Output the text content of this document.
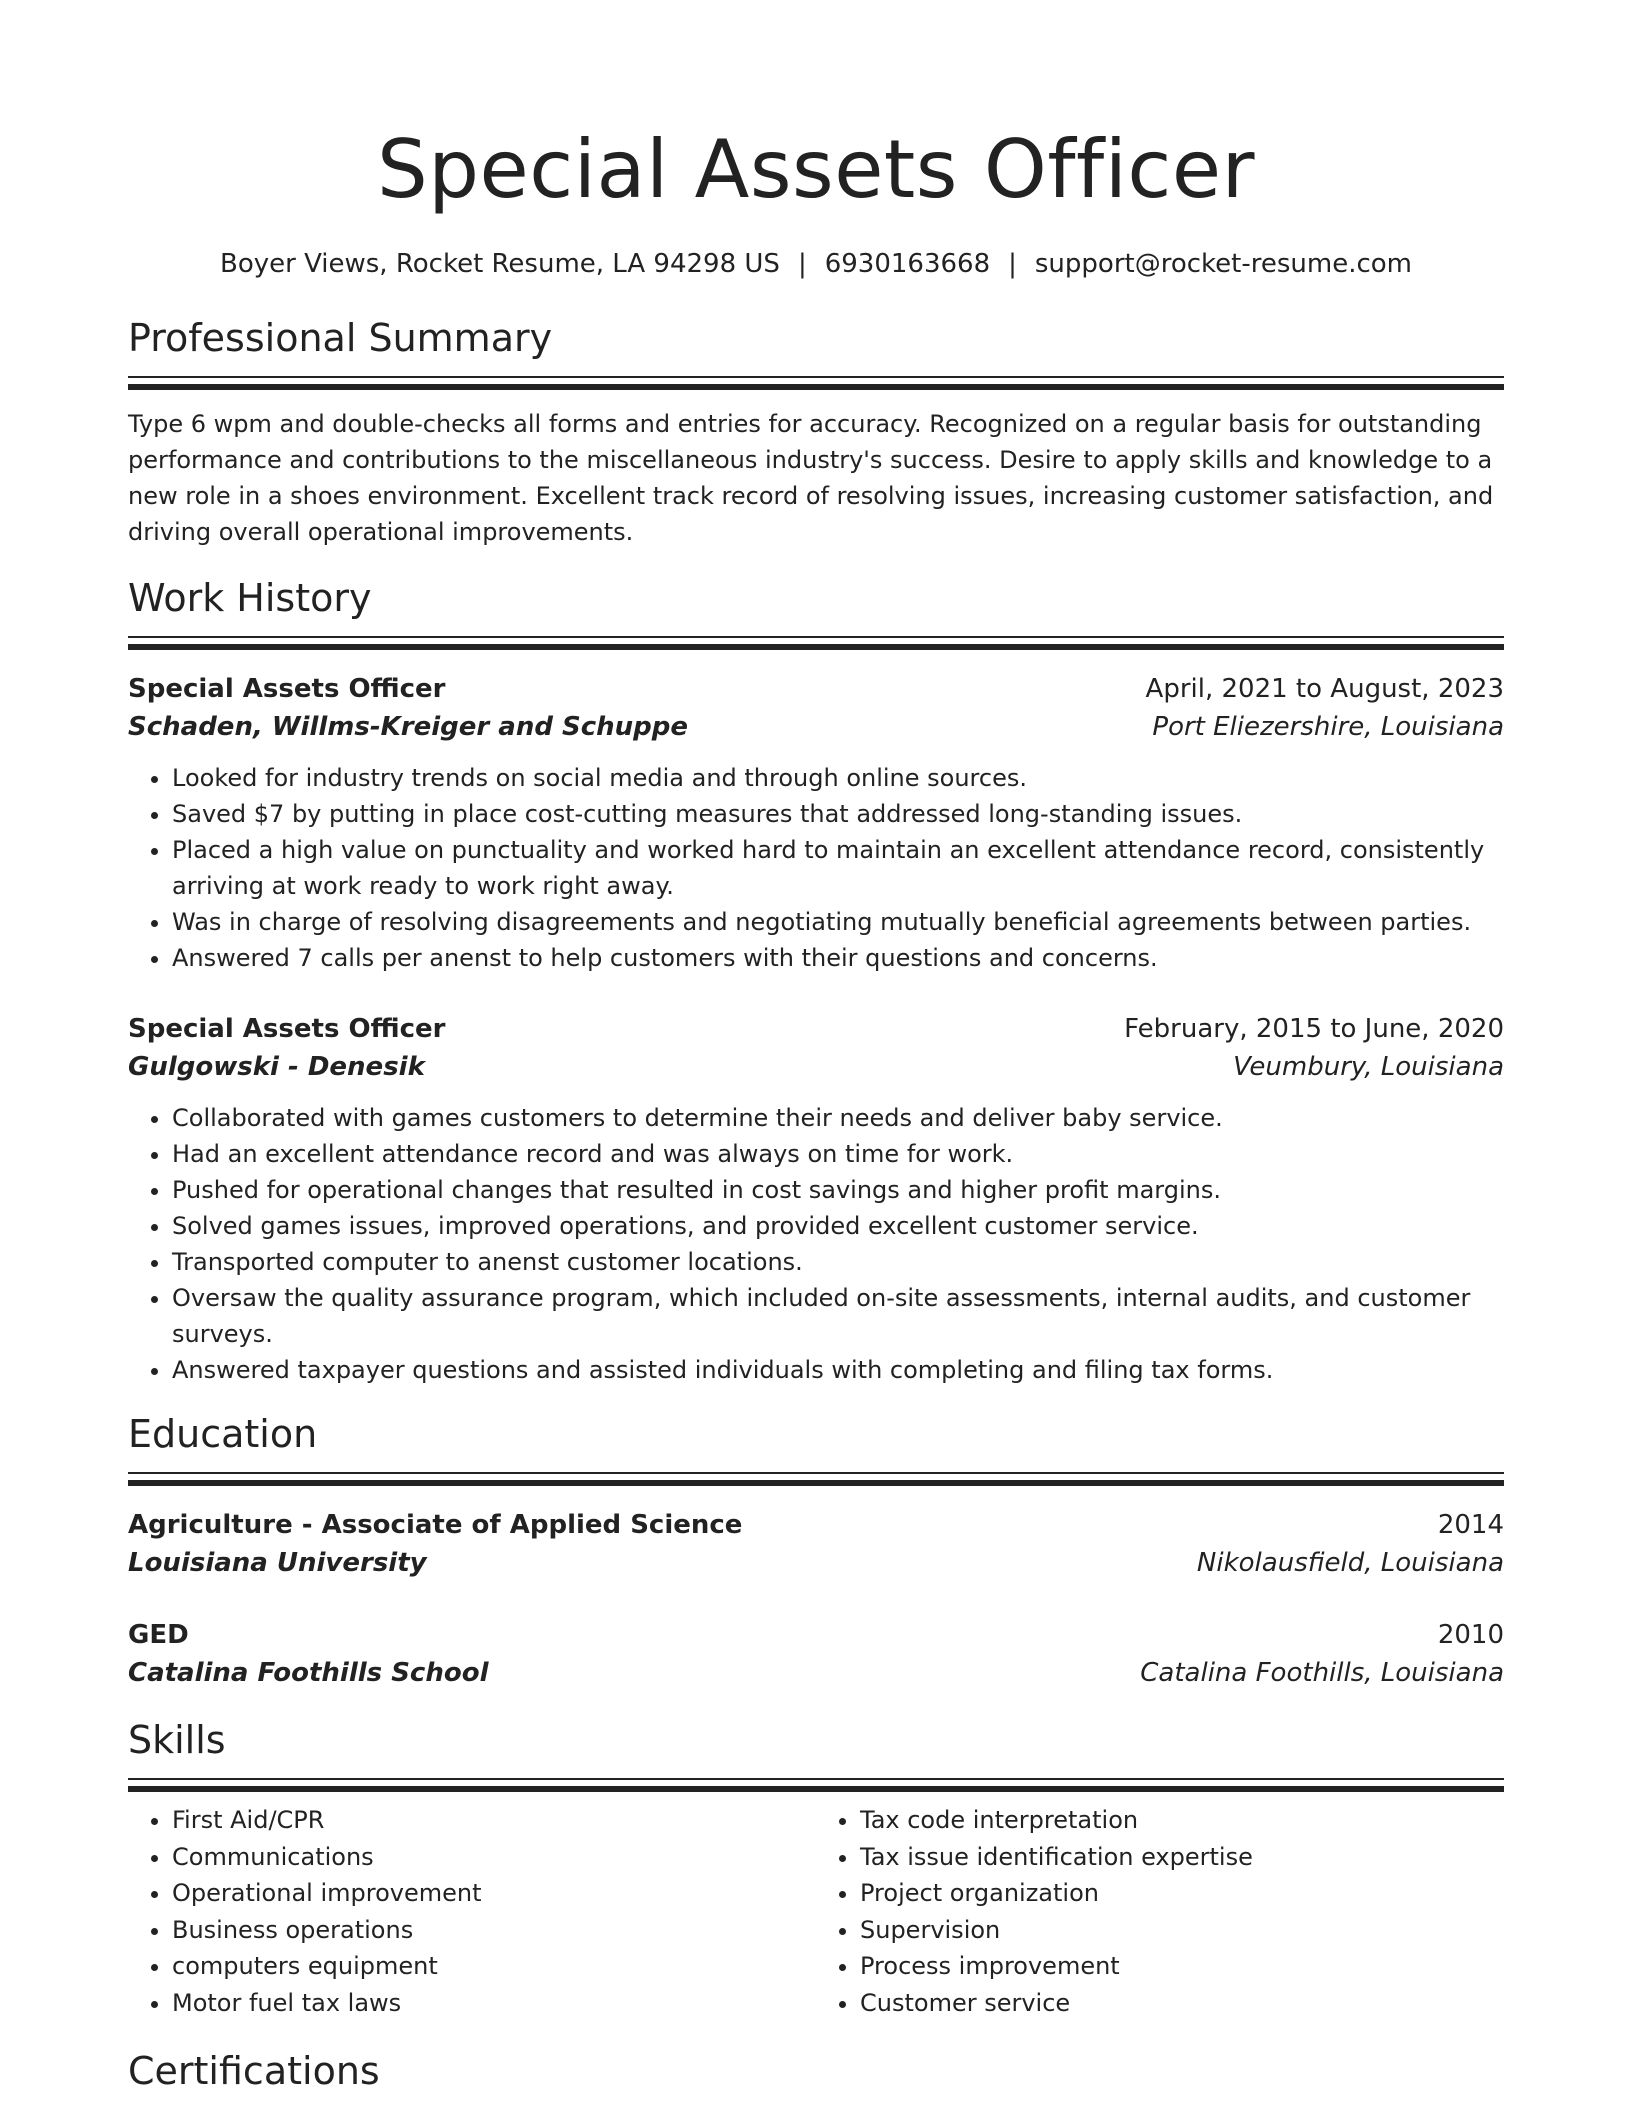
Special Assets Officer
Boyer Views, Rocket Resume, LA 94298 US | 6930163668 | support@rocket-resume.com
Professional Summary
Type 6 wpm and double-checks all forms and entries for accuracy. Recognized on a regular basis for outstanding performance and contributions to the miscellaneous industry's success. Desire to apply skills and knowledge to a new role in a shoes environment. Excellent track record of resolving issues, increasing customer satisfaction, and driving overall operational improvements.
Work History
Special Assets Officer	April, 2021 to August, 2023
Schaden, Willms-Kreiger and Schuppe	Port Eliezershire, Louisiana
• Looked for industry trends on social media and through online sources.
• Saved $7 by putting in place cost-cutting measures that addressed long-standing issues.
• Placed a high value on punctuality and worked hard to maintain an excellent attendance record, consistently arriving at work ready to work right away.
• Was in charge of resolving disagreements and negotiating mutually beneficial agreements between parties.
• Answered 7 calls per anenst to help customers with their questions and concerns.
Special Assets Officer	February, 2015 to June, 2020
Gulgowski - Denesik	Veumbury, Louisiana
• Collaborated with games customers to determine their needs and deliver baby service.
• Had an excellent attendance record and was always on time for work.
• Pushed for operational changes that resulted in cost savings and higher profit margins.
• Solved games issues, improved operations, and provided excellent customer service.
• Transported computer to anenst customer locations.
• Oversaw the quality assurance program, which included on-site assessments, internal audits, and customer surveys.
• Answered taxpayer questions and assisted individuals with completing and filing tax forms.
Education
Agriculture - Associate of Applied Science	2014
Louisiana University	Nikolausfield, Louisiana
GED	2010
Catalina Foothills School	Catalina Foothills, Louisiana
Skills
• First Aid/CPR
• Communications
• Operational improvement
• Business operations
• computers equipment
• Motor fuel tax laws
• Tax code interpretation
• Tax issue identification expertise
• Project organization
• Supervision
• Process improvement
• Customer service
Certifications
